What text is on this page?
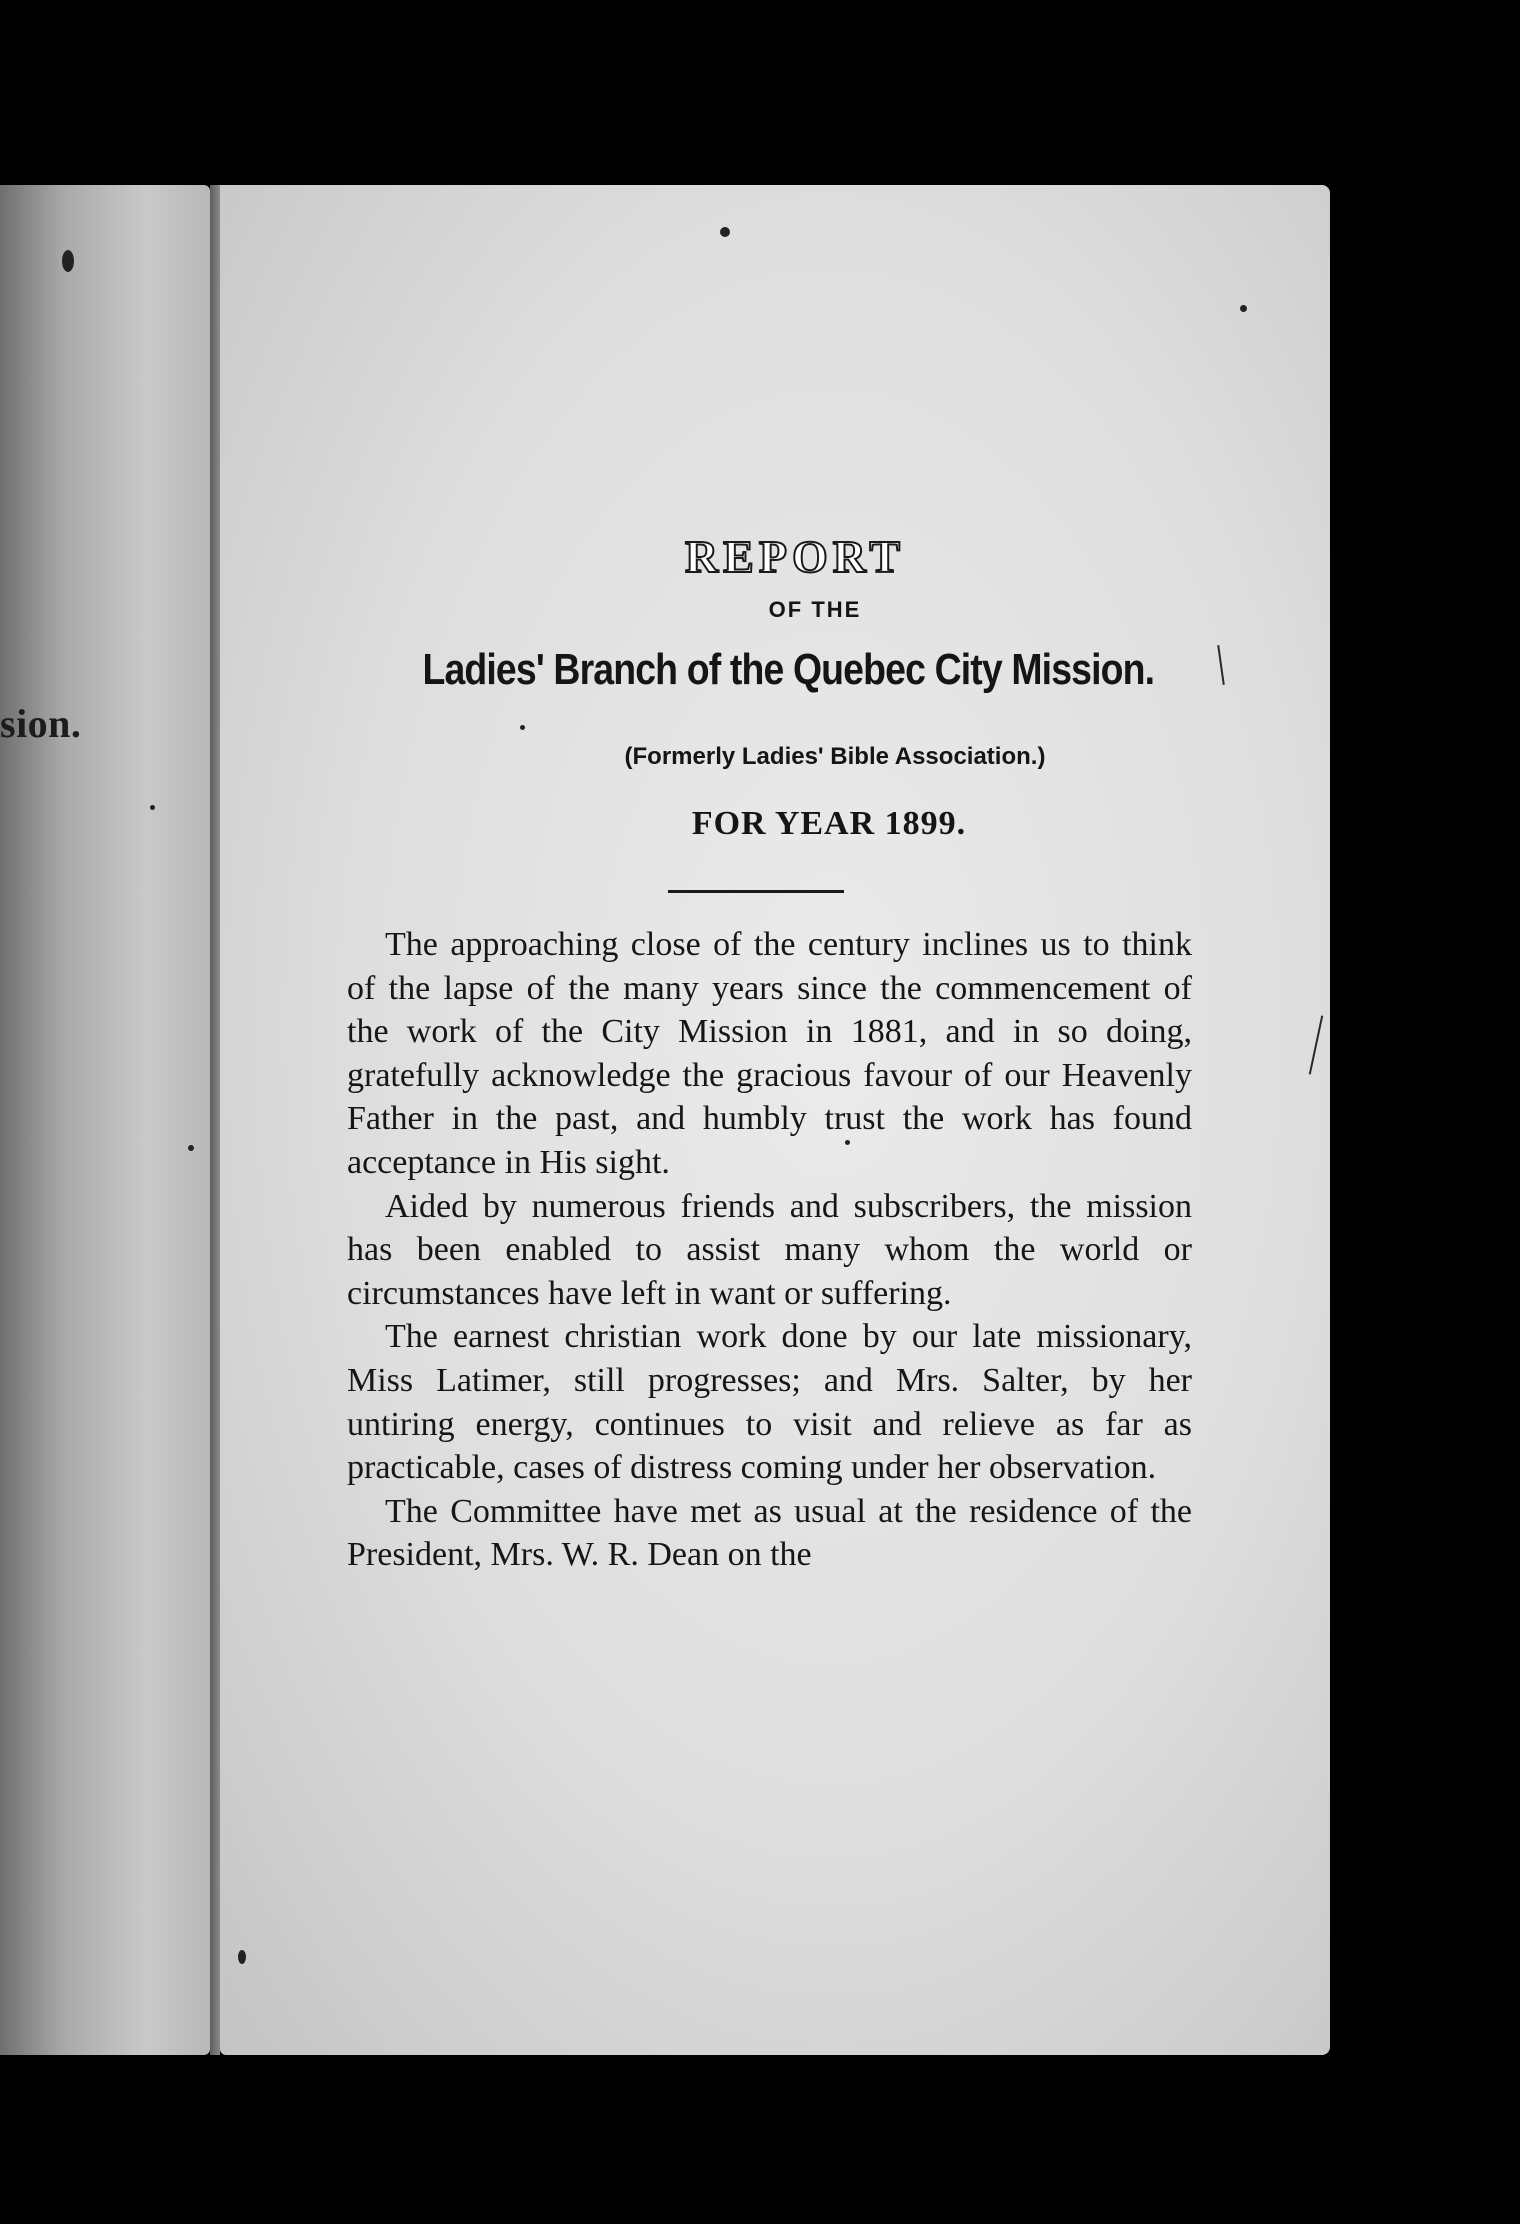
sion.
REPORT
OF THE
Ladies' Branch of the Quebec City Mission.
(Formerly Ladies' Bible Association.)
FOR YEAR 1899.

The approaching close of the century inclines us to think of the lapse of the many years since the commencement of the work of the City Mission in 1881, and in so doing, gratefully acknowledge the gracious favour of our Heavenly Father in the past, and humbly trust the work has found acceptance in His sight.

Aided by numerous friends and subscribers, the mission has been enabled to assist many whom the world or circumstances have left in want or suffering.

The earnest christian work done by our late missionary, Miss Latimer, still progresses; and Mrs. Salter, by her untiring energy, continues to visit and relieve as far as practicable, cases of distress coming under her observation.

The Committee have met as usual at the residence of the President, Mrs. W. R. Dean on the
